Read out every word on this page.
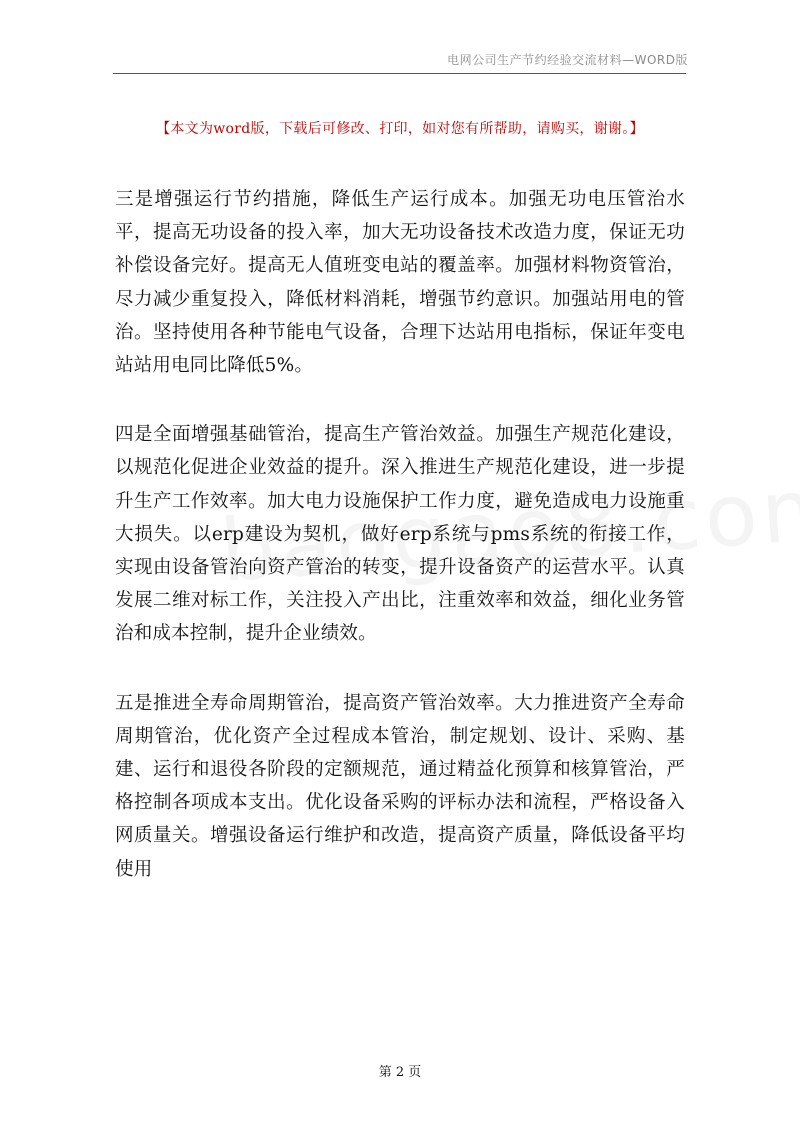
电网公司生产节约经验交流材料—WORD版
【本文为word版，下载后可修改、打印，如对您有所帮助，请购买，谢谢。】

三是增强运行节约措施，降低生产运行成本。加强无功电压管治水平，提高无功设备的投入率，加大无功设备技术改造力度，保证无功补偿设备完好。提高无人值班变电站的覆盖率。加强材料物资管治，尽力减少重复投入，降低材料消耗，增强节约意识。加强站用电的管治。坚持使用各种节能电气设备，合理下达站用电指标，保证年变电站站用电同比降低5%。

四是全面增强基础管治，提高生产管治效益。加强生产规范化建设，以规范化促进企业效益的提升。深入推进生产规范化建设，进一步提升生产工作效率。加大电力设施保护工作力度，避免造成电力设施重大损失。以erp建设为契机，做好erp系统与pms系统的衔接工作，实现由设备管治向资产管治的转变，提升设备资产的运营水平。认真发展二维对标工作，关注投入产出比，注重效率和效益，细化业务管治和成本控制，提升企业绩效。

五是推进全寿命周期管治，提高资产管治效率。大力推进资产全寿命周期管治，优化资产全过程成本管治，制定规划、设计、采购、基建、运行和退役各阶段的定额规范，通过精益化预算和核算管治，严格控制各项成本支出。优化设备采购的评标办法和流程，严格设备入网质量关。增强设备运行维护和改造，提高资产质量，降低设备平均使用

第 2 页
